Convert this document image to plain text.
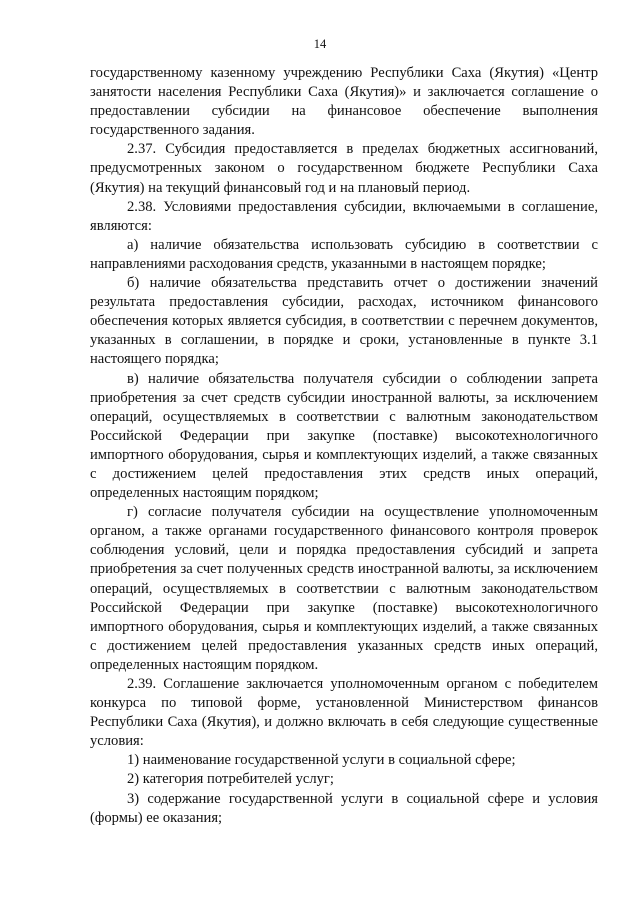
14

государственному казенному учреждению Республики Саха (Якутия) «Центр занятости населения Республики Саха (Якутия)» и заключается соглашение о предоставлении субсидии на финансовое обеспечение выполнения государственного задания.

2.37. Субсидия предоставляется в пределах бюджетных ассигнований, предусмотренных законом о государственном бюджете Республики Саха (Якутия) на текущий финансовый год и на плановый период.

2.38. Условиями предоставления субсидии, включаемыми в соглашение, являются:

а) наличие обязательства использовать субсидию в соответствии с направлениями расходования средств, указанными в настоящем порядке;

б) наличие обязательства представить отчет о достижении значений результата предоставления субсидии, расходах, источником финансового обеспечения которых является субсидия, в соответствии с перечнем документов, указанных в соглашении, в порядке и сроки, установленные в пункте 3.1 настоящего порядка;

в) наличие обязательства получателя субсидии о соблюдении запрета приобретения за счет средств субсидии иностранной валюты, за исключением операций, осуществляемых в соответствии с валютным законодательством Российской Федерации при закупке (поставке) высокотехнологичного импортного оборудования, сырья и комплектующих изделий, а также связанных с достижением целей предоставления этих средств иных операций, определенных настоящим порядком;

г) согласие получателя субсидии на осуществление уполномоченным органом, а также органами государственного финансового контроля проверок соблюдения условий, цели и порядка предоставления субсидий и запрета приобретения за счет полученных средств иностранной валюты, за исключением операций, осуществляемых в соответствии с валютным законодательством Российской Федерации при закупке (поставке) высокотехнологичного импортного оборудования, сырья и комплектующих изделий, а также связанных с достижением целей предоставления указанных средств иных операций, определенных настоящим порядком.

2.39. Соглашение заключается уполномоченным органом с победителем конкурса по типовой форме, установленной Министерством финансов Республики Саха (Якутия), и должно включать в себя следующие существенные условия:

1) наименование государственной услуги в социальной сфере;

2) категория потребителей услуг;

3) содержание государственной услуги в социальной сфере и условия (формы) ее оказания;
